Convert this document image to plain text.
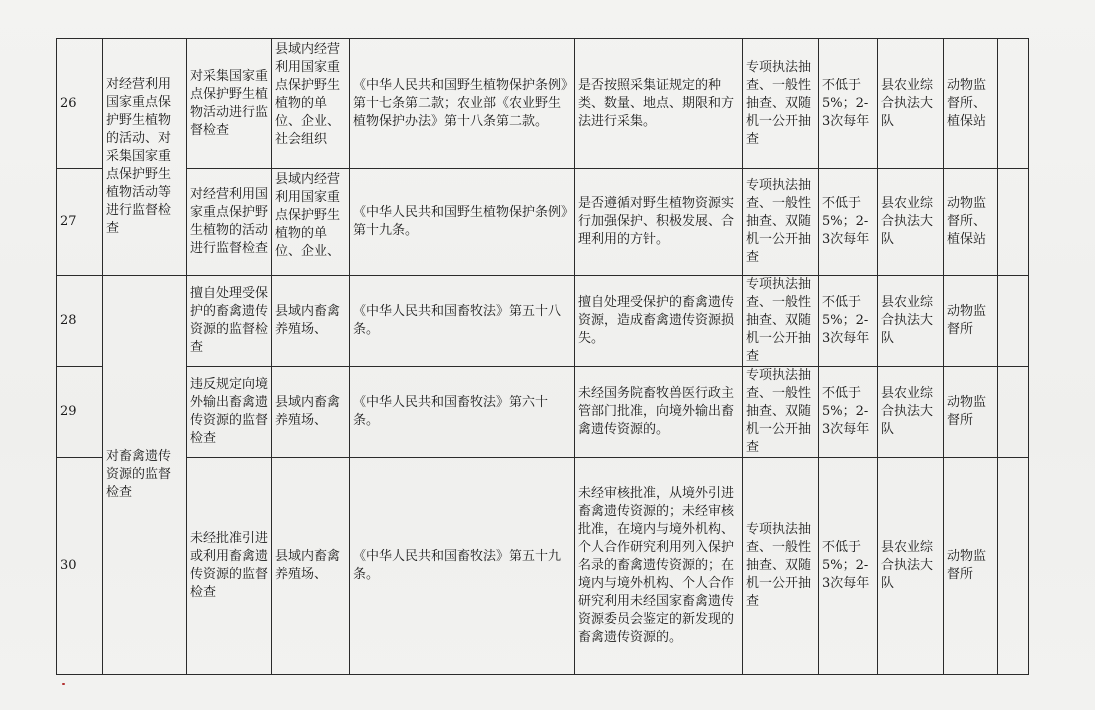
26	对经营利用国家重点保护野生植物的活动、对采集国家重点保护野生植物活动等进行监督检查	对采集国家重点保护野生植物活动进行监督检查	县域内经营利用国家重点保护野生植物的单位、企业、社会组织	《中华人民共和国野生植物保护条例》第十七条第二款；农业部《农业野生植物保护办法》第十八条第二款。	是否按照采集证规定的种类、数量、地点、期限和方法进行采集。	专项执法抽查、一般性抽查、双随机一公开抽查	不低于5%；2-3次每年	县农业综合执法大队	动物监督所、植保站	
27		对经营利用国家重点保护野生植物的活动进行监督检查	县域内经营利用国家重点保护野生植物的单位、企业、	《中华人民共和国野生植物保护条例》第十九条。	是否遵循对野生植物资源实行加强保护、积极发展、合理利用的方针。	专项执法抽查、一般性抽查、双随机一公开抽查	不低于5%；2-3次每年	县农业综合执法大队	动物监督所、植保站	
28	对畜禽遗传资源的监督检查	擅自处理受保护的畜禽遗传资源的监督检查	县域内畜禽养殖场、	《中华人民共和国畜牧法》第五十八条。	擅自处理受保护的畜禽遗传资源，造成畜禽遗传资源损失。	专项执法抽查、一般性抽查、双随机一公开抽查	不低于5%；2-3次每年	县农业综合执法大队	动物监督所	
29		违反规定向境外输出畜禽遗传资源的监督检查	县域内畜禽养殖场、	《中华人民共和国畜牧法》第六十条。	未经国务院畜牧兽医行政主管部门批准，向境外输出畜禽遗传资源的。	专项执法抽查、一般性抽查、双随机一公开抽查	不低于5%；2-3次每年	县农业综合执法大队	动物监督所	
30		未经批准引进或利用畜禽遗传资源的监督检查	县域内畜禽养殖场、	《中华人民共和国畜牧法》第五十九条。	未经审核批准，从境外引进畜禽遗传资源的；未经审核批准，在境内与境外机构、个人合作研究利用列入保护名录的畜禽遗传资源的；在境内与境外机构、个人合作研究利用未经国家畜禽遗传资源委员会鉴定的新发现的畜禽遗传资源的。	专项执法抽查、一般性抽查、双随机一公开抽查	不低于5%；2-3次每年	县农业综合执法大队	动物监督所	
